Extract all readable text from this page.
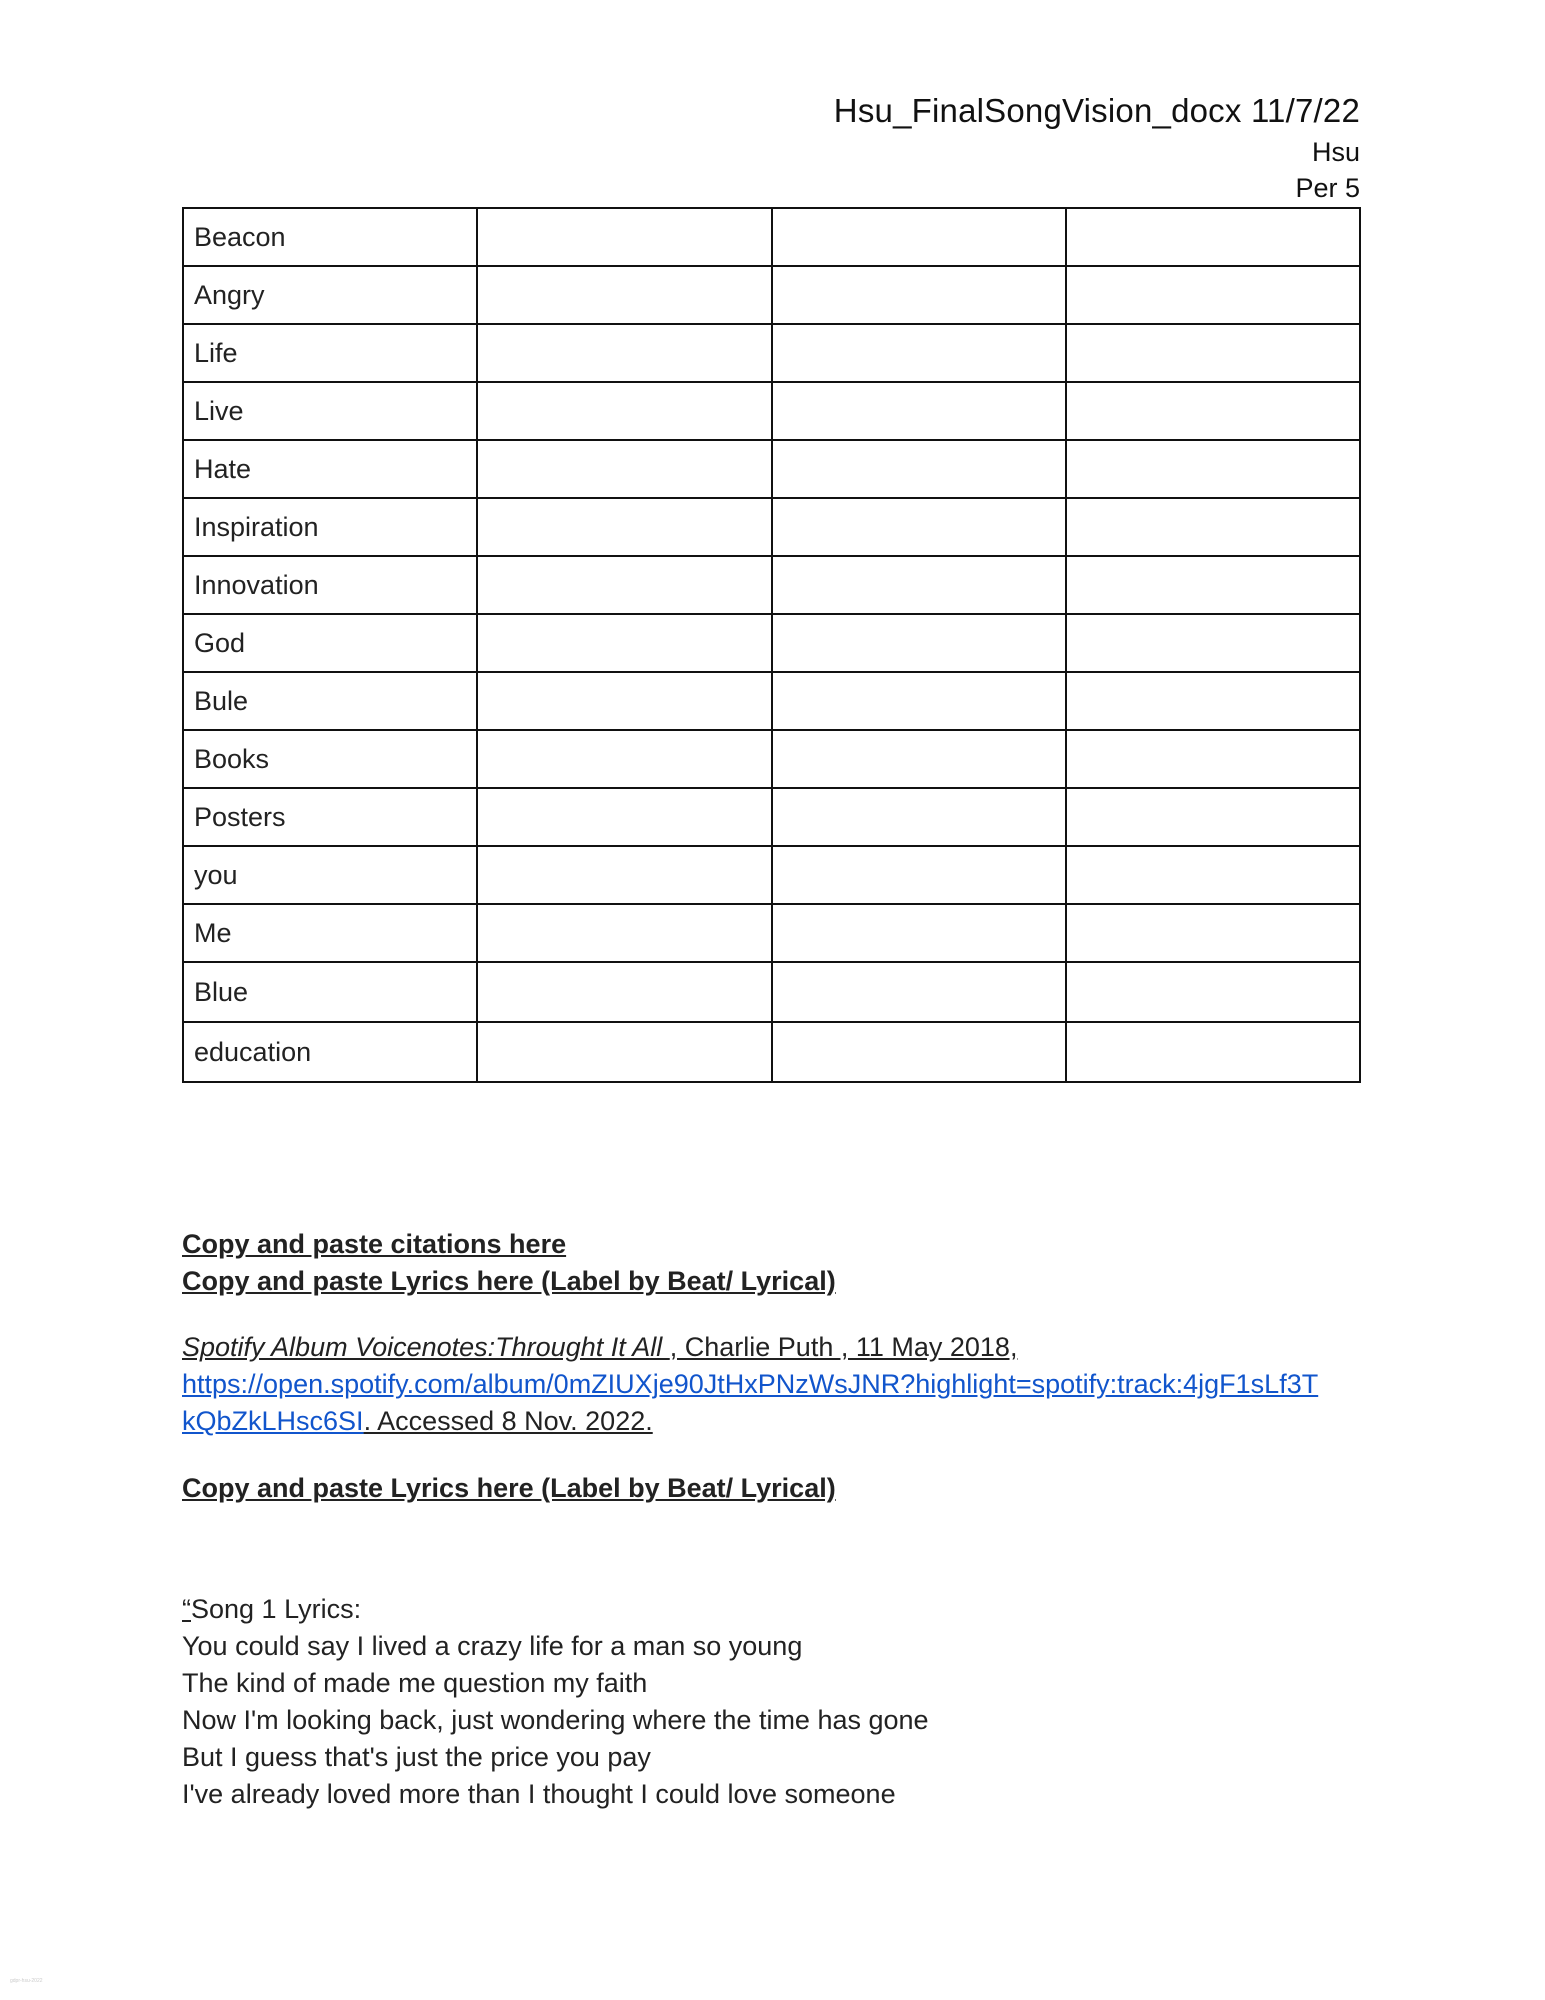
Hsu_FinalSongVision_docx 11/7/22
Hsu
Per 5
Beacon			
Angry			
Life			
Live			
Hate			
Inspiration			
Innovation			
God			
Bule			
Books			
Posters			
you			
Me			
Blue			
education			
Copy and paste citations here
Copy and paste Lyrics here (Label by Beat/ Lyrical)
Spotify Album Voicenotes:Throught It All , Charlie Puth , 11 May 2018,
https://open.spotify.com/album/0mZIUXje90JtHxPNzWsJNR?highlight=spotify:track:4jgF1sLf3T
kQbZkLHsc6SI. Accessed 8 Nov. 2022.
Copy and paste Lyrics here (Label by Beat/ Lyrical)
“Song 1 Lyrics:
You could say I lived a crazy life for a man so young
The kind of made me question my faith
Now I'm looking back, just wondering where the time has gone
But I guess that's just the price you pay
I've already loved more than I thought I could love someone
gdpr-hsu-2022
